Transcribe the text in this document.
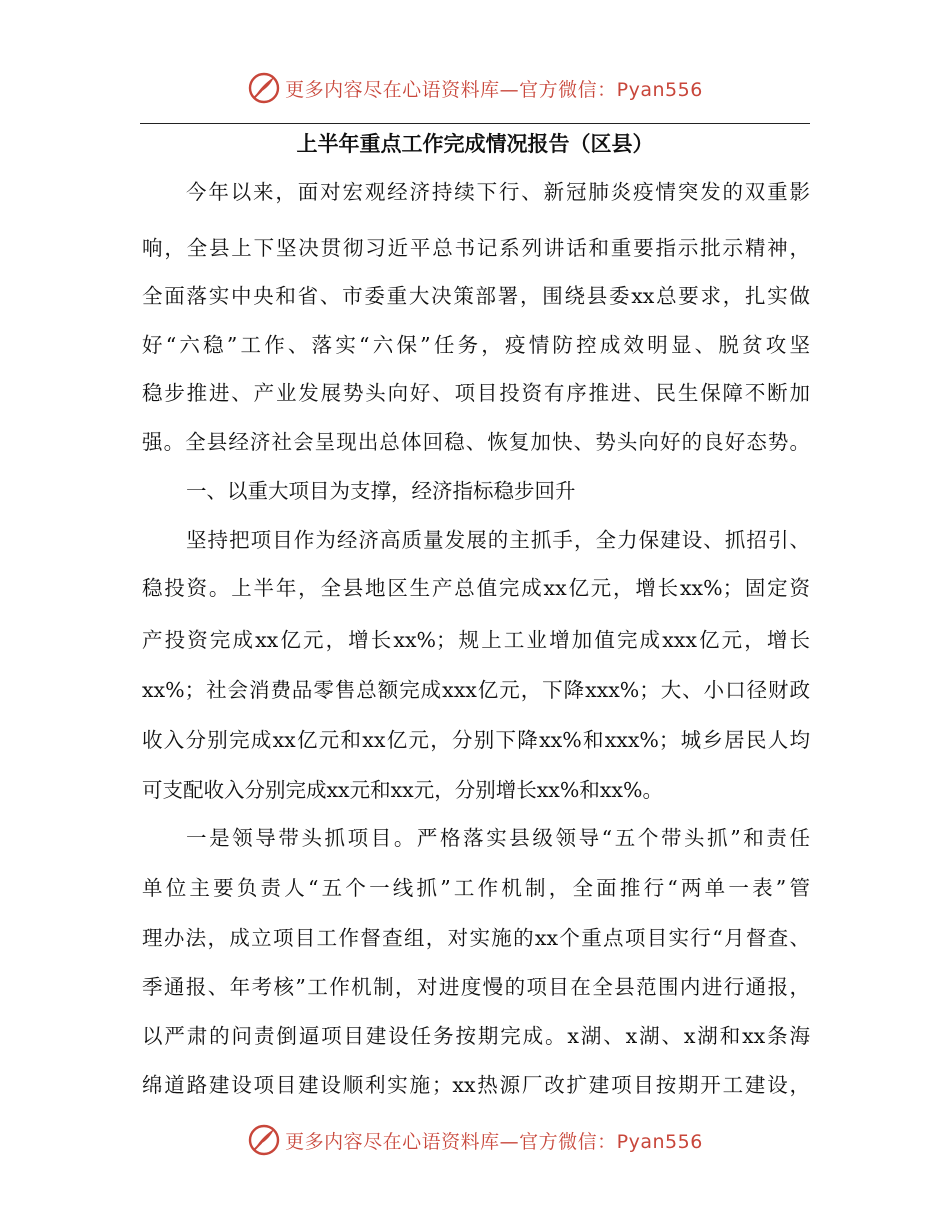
更多内容尽在心语资料库—官方微信：Pyan556
上半年重点工作完成情况报告（区县）
今年以来，面对宏观经济持续下行、新冠肺炎疫情突发的双重影
响，全县上下坚决贯彻习近平总书记系列讲话和重要指示批示精神，
全面落实中央和省、市委重大决策部署，围绕县委xx总要求，扎实做
好“六稳”工作、落实“六保”任务，疫情防控成效明显、脱贫攻坚
稳步推进、产业发展势头向好、项目投资有序推进、民生保障不断加
强。全县经济社会呈现出总体回稳、恢复加快、势头向好的良好态势。
一、以重大项目为支撑，经济指标稳步回升
坚持把项目作为经济高质量发展的主抓手，全力保建设、抓招引、
稳投资。上半年，全县地区生产总值完成xx亿元，增长xx%；固定资
产投资完成xx亿元，增长xx%；规上工业增加值完成xxx亿元，增长
xx%；社会消费品零售总额完成xxx亿元，下降xxx%；大、小口径财政
收入分别完成xx亿元和xx亿元，分别下降xx%和xxx%；城乡居民人均
可支配收入分别完成xx元和xx元，分别增长xx%和xx%。
一是领导带头抓项目。严格落实县级领导“五个带头抓”和责任
单位主要负责人“五个一线抓”工作机制，全面推行“两单一表”管
理办法，成立项目工作督查组，对实施的xx个重点项目实行“月督查、
季通报、年考核”工作机制，对进度慢的项目在全县范围内进行通报，
以严肃的问责倒逼项目建设任务按期完成。x湖、x湖、x湖和xx条海
绵道路建设项目建设顺利实施；xx热源厂改扩建项目按期开工建设，
更多内容尽在心语资料库—官方微信：Pyan556
